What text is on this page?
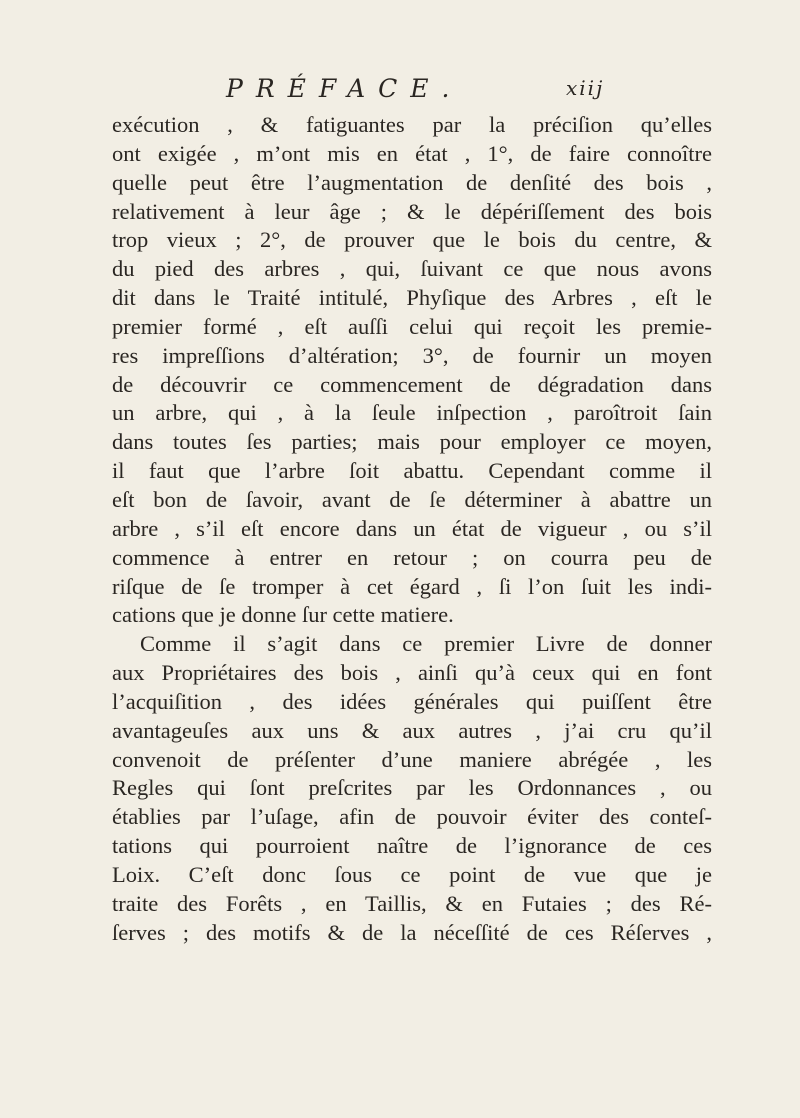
PRÉFACE.	xiij
exécution , & fatiguantes par la préciſion qu’elles
ont exigée , m’ont mis en état , 1°, de faire connoître
quelle peut être l’augmentation de denſité des bois ,
relativement à leur âge ; & le dépériſſement des bois
trop vieux ; 2°, de prouver que le bois du centre, &
du pied des arbres , qui, ſuivant ce que nous avons
dit dans le Traité intitulé, Phyſique des Arbres , eſt le
premier formé , eſt auſſi celui qui reçoit les premie-
res impreſſions d’altération; 3°, de fournir un moyen
de découvrir ce commencement de dégradation dans
un arbre, qui , à la ſeule inſpection , paroîtroit ſain
dans toutes ſes parties; mais pour employer ce moyen,
il faut que l’arbre ſoit abattu. Cependant comme il
eſt bon de ſavoir, avant de ſe déterminer à abattre un
arbre , s’il eſt encore dans un état de vigueur , ou s’il
commence à entrer en retour ; on courra peu de
riſque de ſe tromper à cet égard , ſi l’on ſuit les indi-
cations que je donne ſur cette matiere.
Comme il s’agit dans ce premier Livre de donner
aux Propriétaires des bois , ainſi qu’à ceux qui en font
l’acquiſition , des idées générales qui puiſſent être
avantageuſes aux uns & aux autres , j’ai cru qu’il
convenoit de préſenter d’une maniere abrégée , les
Regles qui ſont preſcrites par les Ordonnances , ou
établies par l’uſage, afin de pouvoir éviter des conteſ-
tations qui pourroient naître de l’ignorance de ces
Loix. C’eſt donc ſous ce point de vue que je
traite des Forêts , en Taillis, & en Futaies ; des Ré-
ſerves ; des motifs & de la néceſſité de ces Réſerves ,
